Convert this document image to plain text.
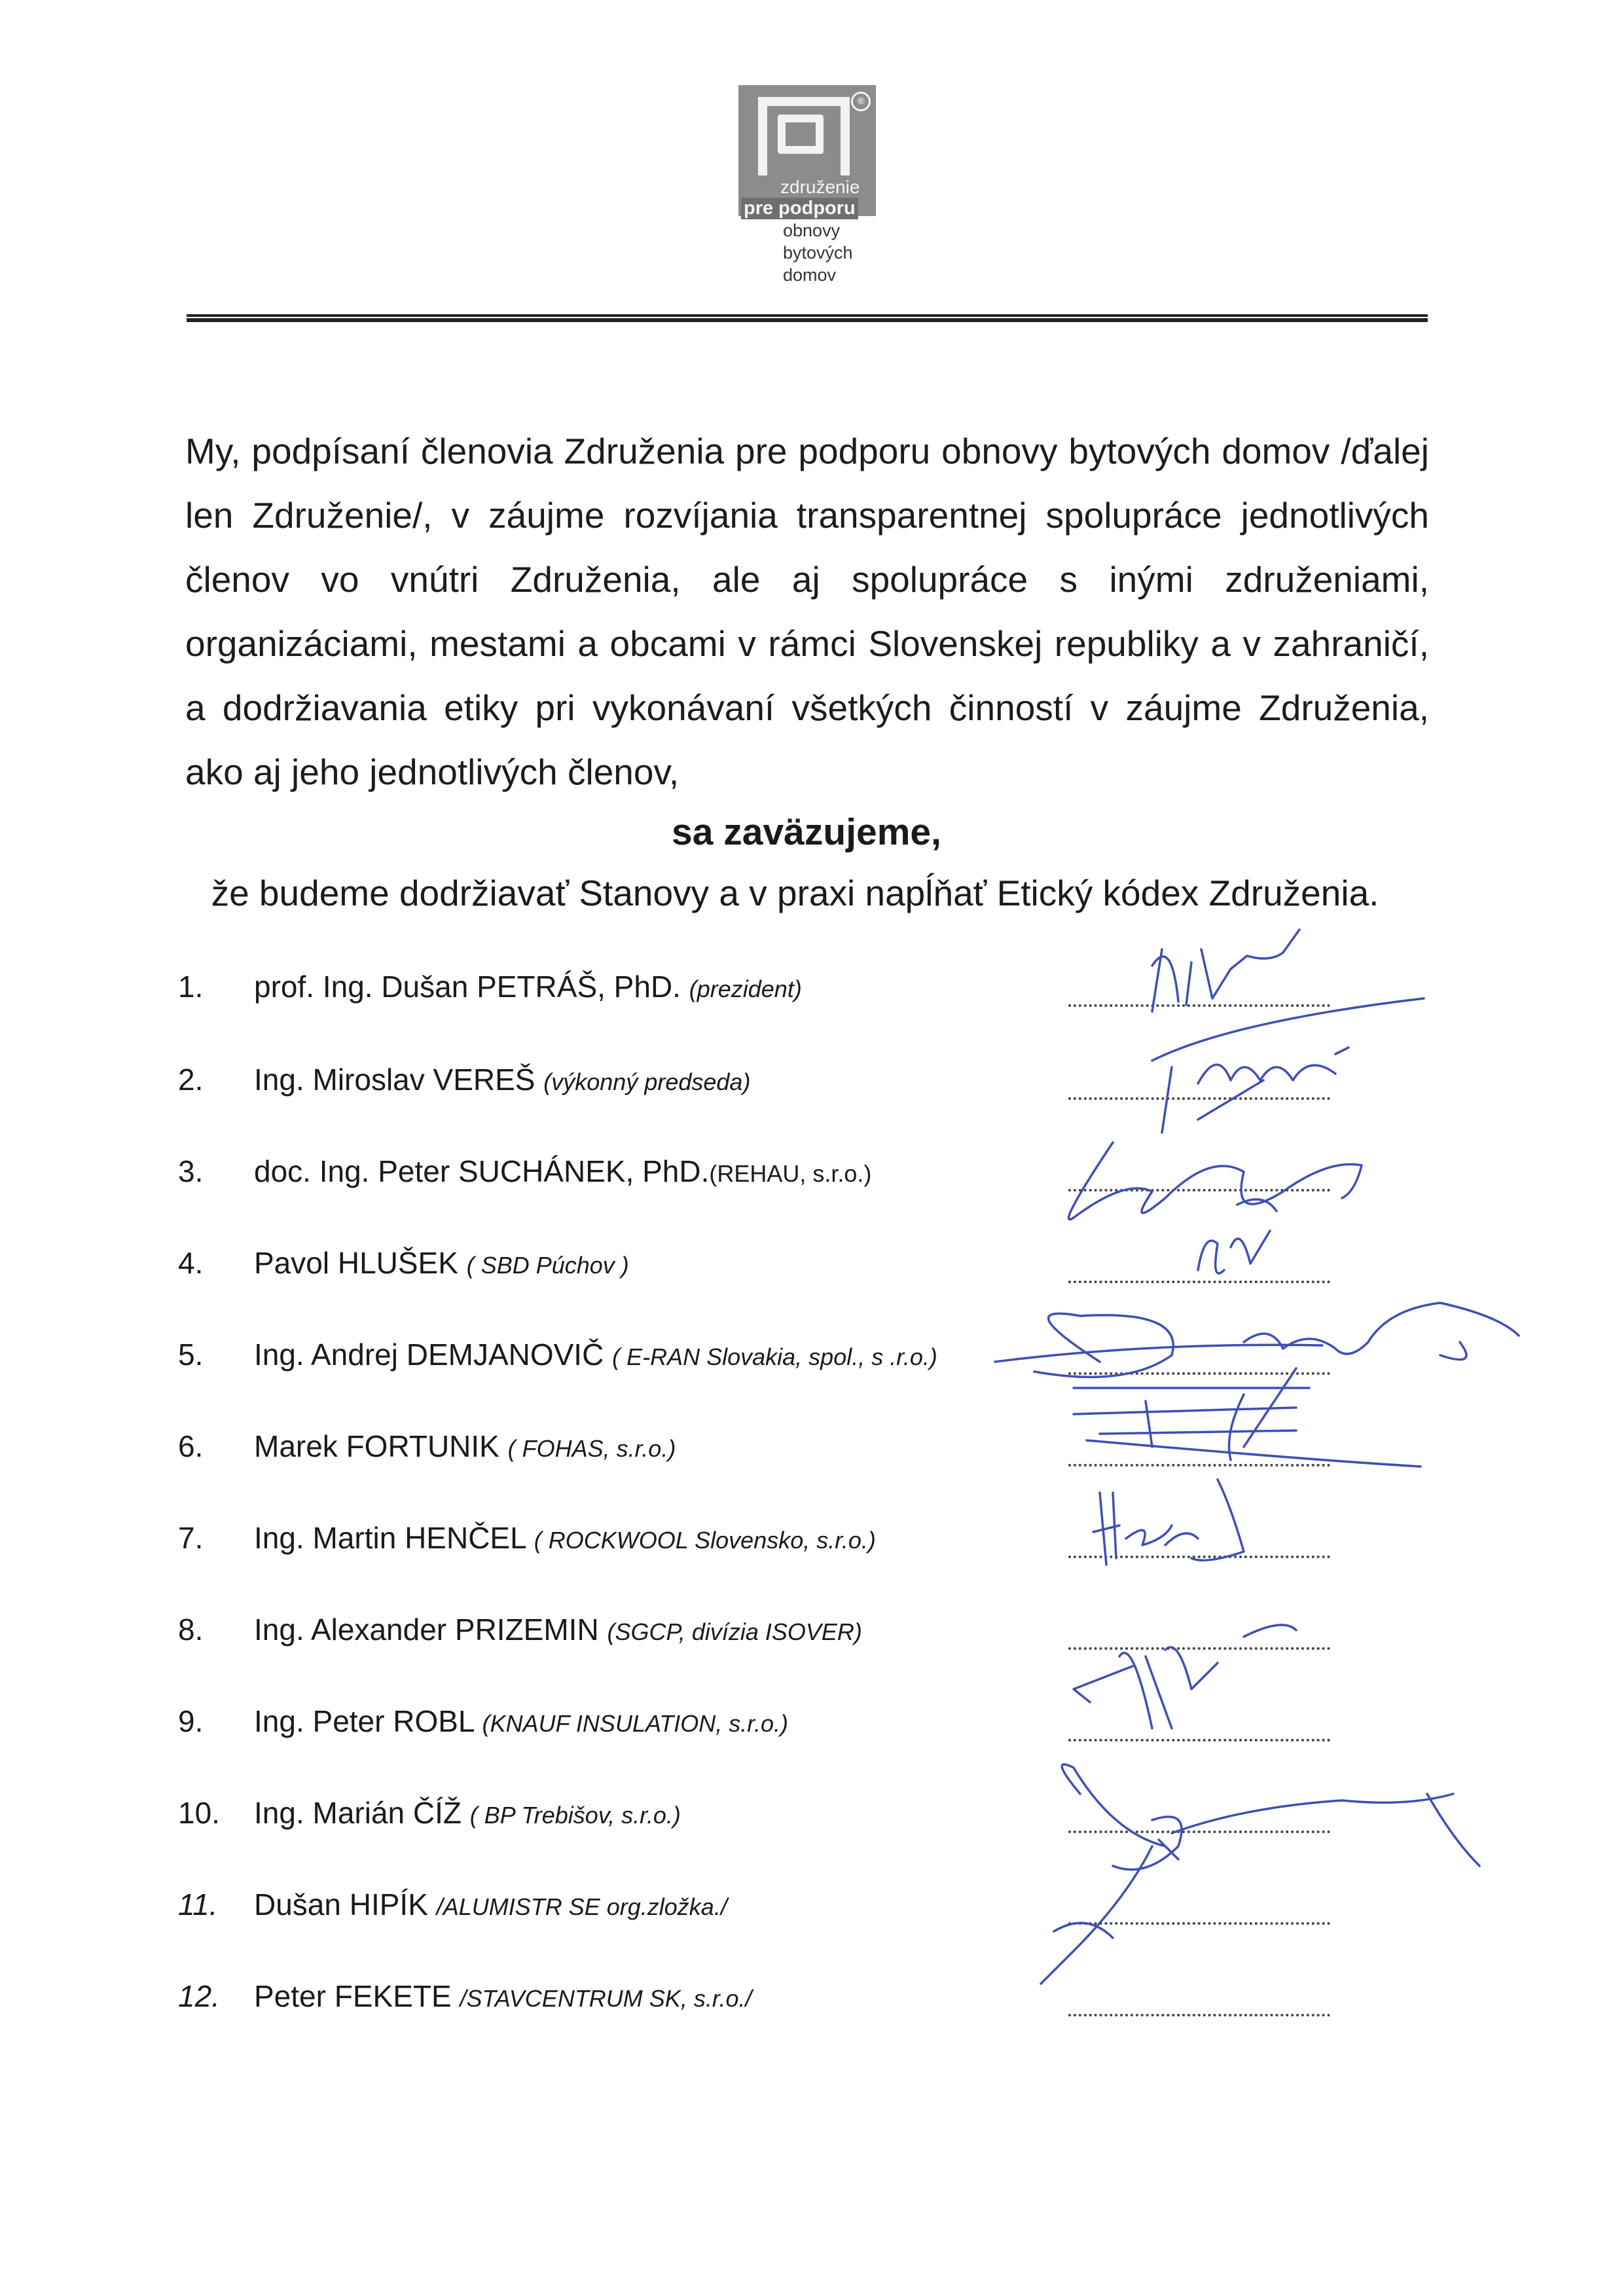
®
združenie
pre podporu
obnovy
bytových
domov
My, podpísaní členovia Združenia pre podporu obnovy bytových domov /ďalej len Združenie/, v záujme rozvíjania transparentnej spolupráce jednotlivých členov vo vnútri Združenia, ale aj spolupráce s inými združeniami, organizáciami, mestami a obcami v rámci Slovenskej republiky a v zahraničí, a dodržiavania etiky pri vykonávaní všetkých činností v záujme Združenia, ako aj jeho jednotlivých členov,
sa zaväzujeme,
že budeme dodržiavať Stanovy a v praxi napĺňať Etický kódex Združenia.
1.	prof. Ing. Dušan PETRÁŠ, PhD. (prezident)
2.	Ing. Miroslav VEREŠ (výkonný predseda)
3.	doc. Ing. Peter SUCHÁNEK, PhD.(REHAU, s.r.o.)
4.	Pavol HLUŠEK ( SBD Púchov )
5.	Ing. Andrej DEMJANOVIČ ( E-RAN Slovakia, spol., s .r.o.)
6.	Marek FORTUNIK ( FOHAS, s.r.o.)
7.	Ing. Martin HENČEL ( ROCKWOOL Slovensko, s.r.o.)
8.	Ing. Alexander PRIZEMIN (SGCP, divízia ISOVER)
9.	Ing. Peter ROBL (KNAUF INSULATION, s.r.o.)
10.	Ing. Marián ČÍŽ ( BP Trebišov, s.r.o.)
11.	Dušan HIPÍK /ALUMISTR SE org.zložka./
12.	Peter FEKETE /STAVCENTRUM SK, s.r.o./
